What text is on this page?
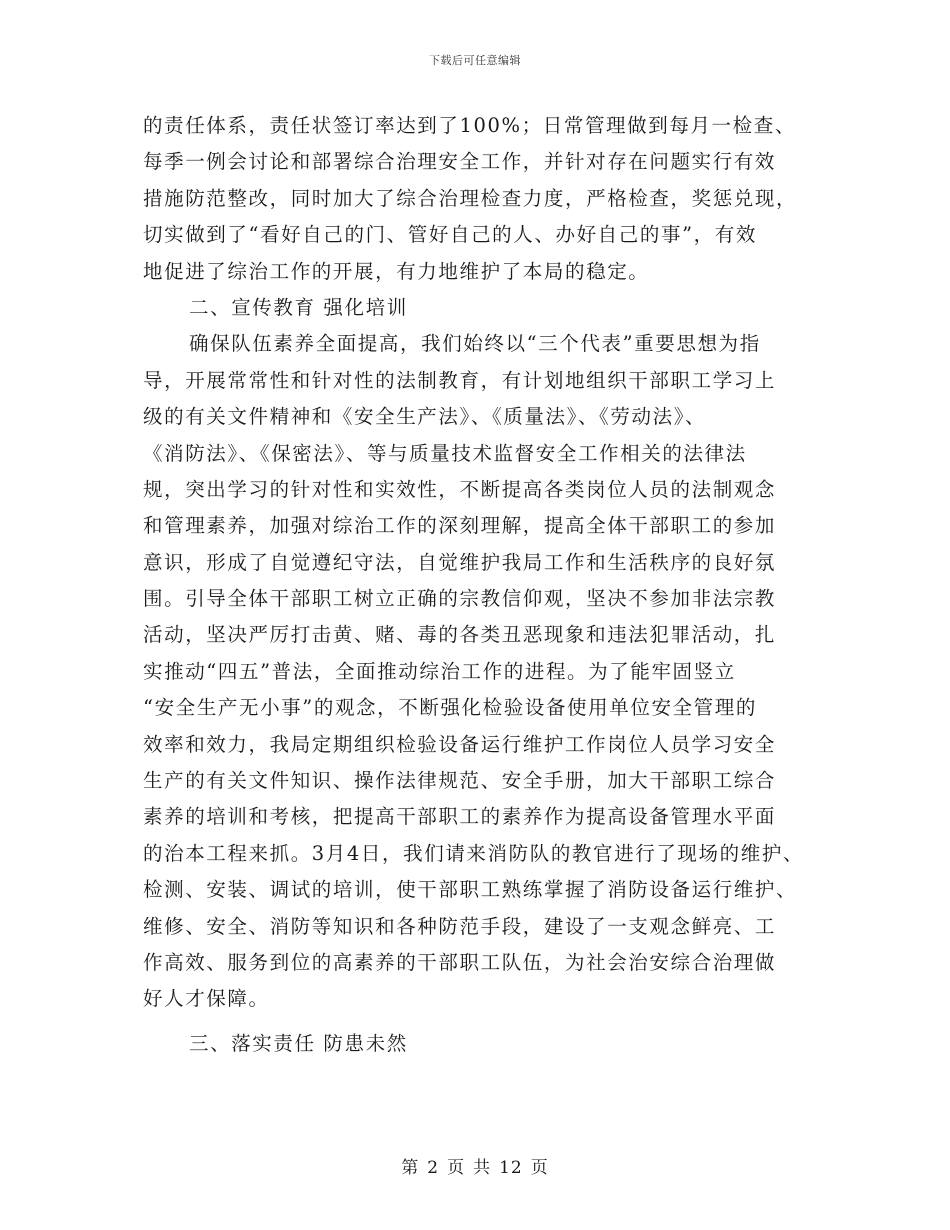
下载后可任意编辑
的责任体系，责任状签订率达到了100%；日常管理做到每月一检查、
每季一例会讨论和部署综合治理安全工作，并针对存在问题实行有效
措施防范整改，同时加大了综合治理检查力度，严格检查，奖惩兑现，
切实做到了“看好自己的门、管好自己的人、办好自己的事”，有效
地促进了综治工作的开展，有力地维护了本局的稳定。
二、宣传教育 强化培训
确保队伍素养全面提高，我们始终以“三个代表”重要思想为指
导，开展常常性和针对性的法制教育，有计划地组织干部职工学习上
级的有关文件精神和《安全生产法》、《质量法》、《劳动法》、
《消防法》、《保密法》、等与质量技术监督安全工作相关的法律法
规，突出学习的针对性和实效性，不断提高各类岗位人员的法制观念
和管理素养，加强对综治工作的深刻理解，提高全体干部职工的参加
意识，形成了自觉遵纪守法，自觉维护我局工作和生活秩序的良好氛
围。引导全体干部职工树立正确的宗教信仰观，坚决不参加非法宗教
活动，坚决严厉打击黄、赌、毒的各类丑恶现象和违法犯罪活动，扎
实推动“四五”普法，全面推动综治工作的进程。为了能牢固竖立
“安全生产无小事”的观念，不断强化检验设备使用单位安全管理的
效率和效力，我局定期组织检验设备运行维护工作岗位人员学习安全
生产的有关文件知识、操作法律规范、安全手册，加大干部职工综合
素养的培训和考核，把提高干部职工的素养作为提高设备管理水平面
的治本工程来抓。3月4日，我们请来消防队的教官进行了现场的维护、
检测、安装、调试的培训，使干部职工熟练掌握了消防设备运行维护、
维修、安全、消防等知识和各种防范手段，建设了一支观念鲜亮、工
作高效、服务到位的高素养的干部职工队伍，为社会治安综合治理做
好人才保障。
三、落实责任 防患未然
第 2 页 共 12 页
